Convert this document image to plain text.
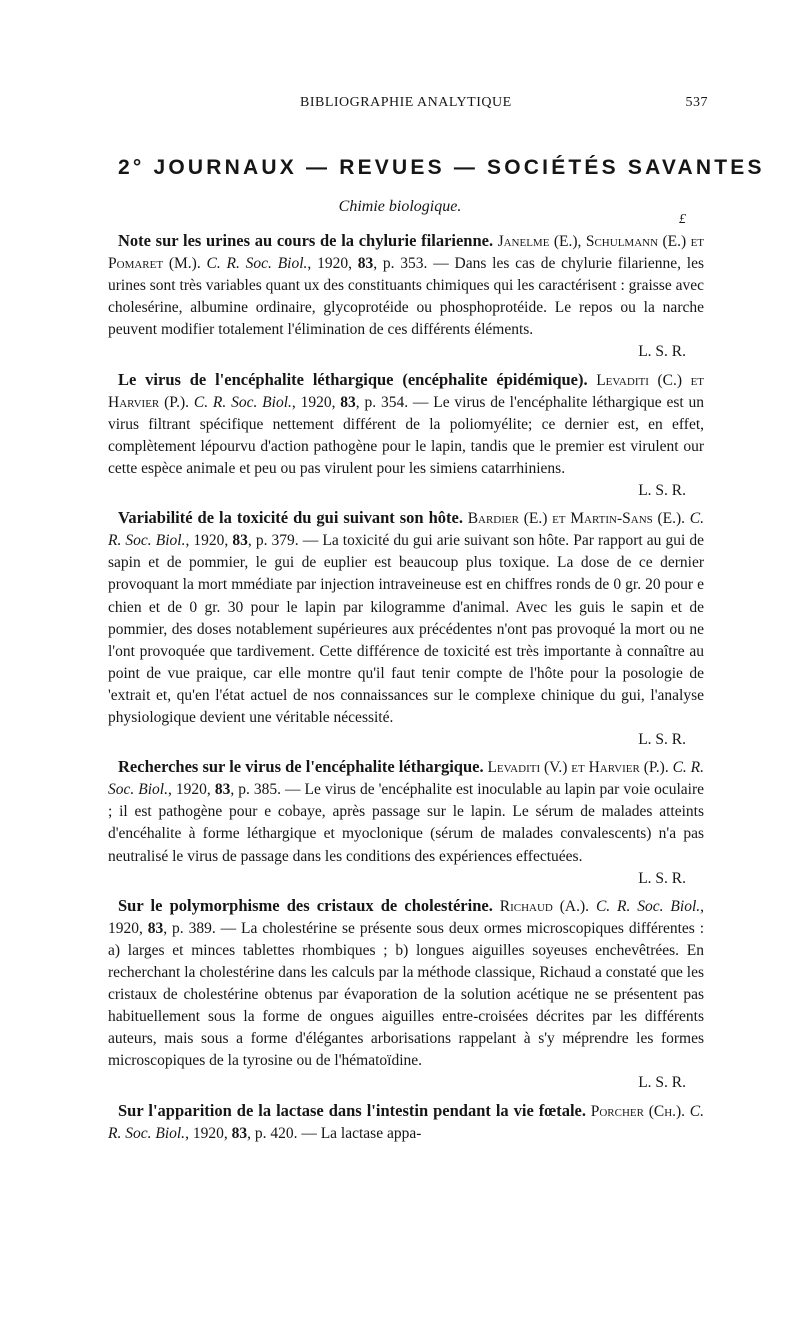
BIBLIOGRAPHIE ANALYTIQUE	537
2° JOURNAUX — REVUES — SOCIÉTÉS SAVANTES
Chimie biologique.
£

Note sur les urines au cours de la chylurie filarienne. Janelme (E.), Schulmann (E.) et Pomaret (M.). C. R. Soc. Biol., 1920, 83, p. 353. — Dans les cas de chylurie filarienne, les urines sont très variables quant ux des constituants chimiques qui les caractérisent : graisse avec cholesérine, albumine ordinaire, glycoprotéide ou phosphoprotéide. Le repos ou la narche peuvent modifier totalement l'élimination de ces différents éléments.
L. S. R.

Le virus de l'encéphalite léthargique (encéphalite épidémique). Levaditi (C.) et Harvier (P.). C. R. Soc. Biol., 1920, 83, p. 354. — Le virus de l'encéphalite léthargique est un virus filtrant spécifique nettement différent de la poliomyélite; ce dernier est, en effet, complètement lépourvu d'action pathogène pour le lapin, tandis que le premier est virulent our cette espèce animale et peu ou pas virulent pour les simiens catarrhiniens.
L. S. R.

Variabilité de la toxicité du gui suivant son hôte. Bardier (E.) et Martin-Sans (E.). C. R. Soc. Biol., 1920, 83, p. 379. — La toxicité du gui arie suivant son hôte. Par rapport au gui de sapin et de pommier, le gui de euplier est beaucoup plus toxique. La dose de ce dernier provoquant la mort mmédiate par injection intraveineuse est en chiffres ronds de 0 gr. 20 pour e chien et de 0 gr. 30 pour le lapin par kilogramme d'animal. Avec les guis le sapin et de pommier, des doses notablement supérieures aux précédentes n'ont pas provoqué la mort ou ne l'ont provoquée que tardivement. Cette différence de toxicité est très importante à connaître au point de vue praique, car elle montre qu'il faut tenir compte de l'hôte pour la posologie de 'extrait et, qu'en l'état actuel de nos connaissances sur le complexe chinique du gui, l'analyse physiologique devient une véritable nécessité.
L. S. R.

Recherches sur le virus de l'encéphalite léthargique. Levaditi (V.) et Harvier (P.). C. R. Soc. Biol., 1920, 83, p. 385. — Le virus de 'encéphalite est inoculable au lapin par voie oculaire ; il est pathogène pour e cobaye, après passage sur le lapin. Le sérum de malades atteints d'encéhalite à forme léthargique et myoclonique (sérum de malades convalescents) n'a pas neutralisé le virus de passage dans les conditions des expériences effectuées.
L. S. R.

Sur le polymorphisme des cristaux de cholestérine. Richaud (A.). C. R. Soc. Biol., 1920, 83, p. 389. — La cholestérine se présente sous deux ormes microscopiques différentes : a) larges et minces tablettes rhombiques ; b) longues aiguilles soyeuses enchevêtrées. En recherchant la cholestérine dans les calculs par la méthode classique, Richaud a constaté que les cristaux de cholestérine obtenus par évaporation de la solution acétique ne se présentent pas habituellement sous la forme de ongues aiguilles entre-croisées décrites par les différents auteurs, mais sous a forme d'élégantes arborisations rappelant à s'y méprendre les formes microscopiques de la tyrosine ou de l'hématoïdine.
L. S. R.

Sur l'apparition de la lactase dans l'intestin pendant la vie fœtale. Porcher (Ch.). C. R. Soc. Biol., 1920, 83, p. 420. — La lactase appa-
